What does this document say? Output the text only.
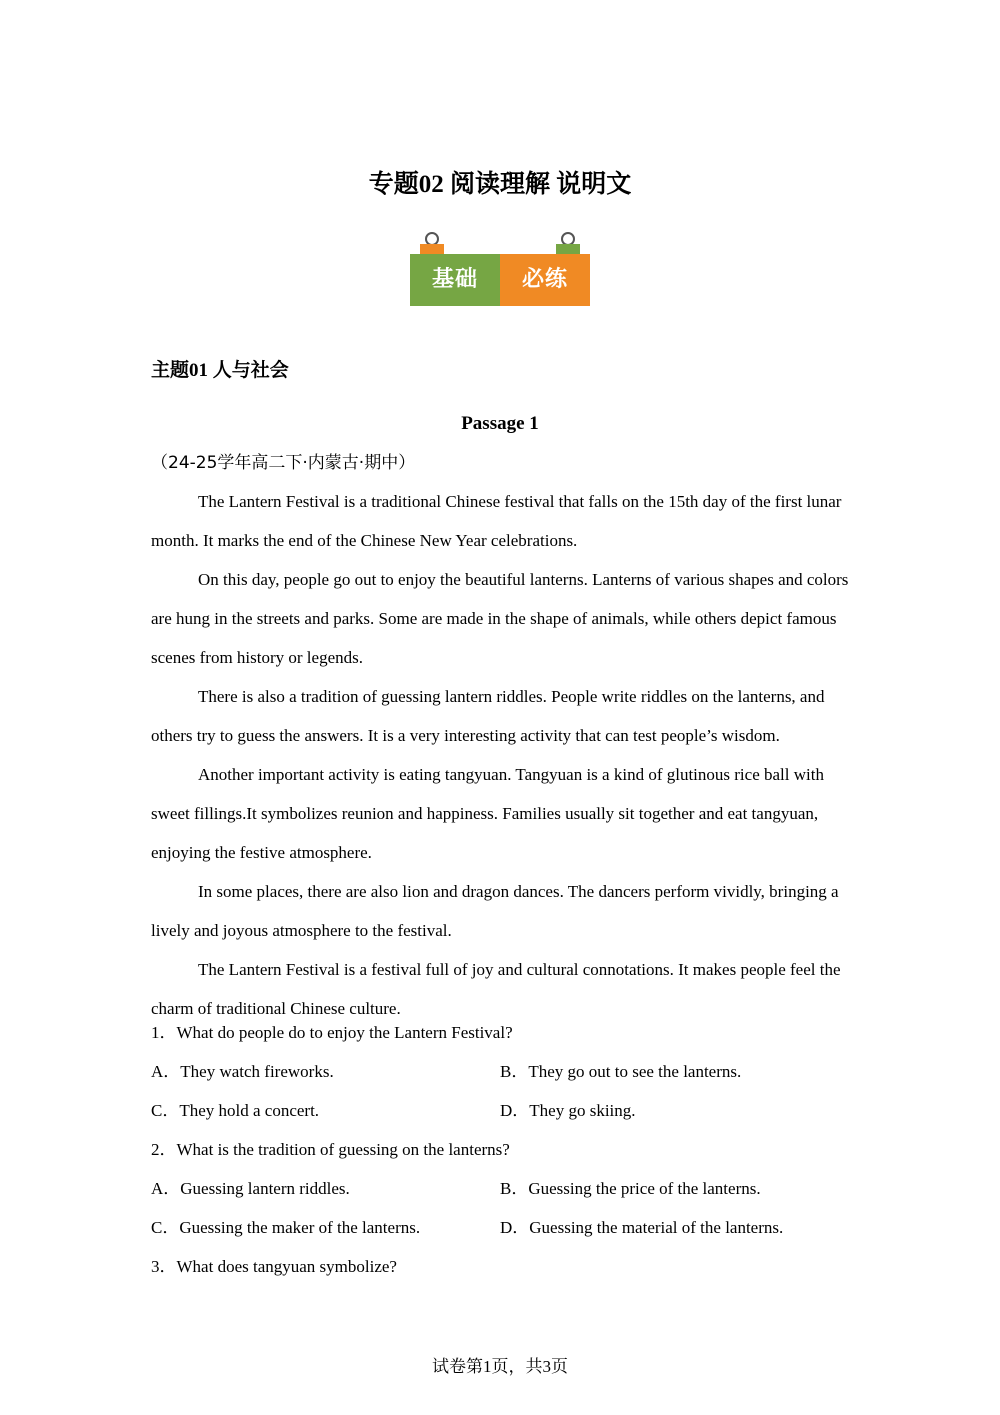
专题02 阅读理解 说明文
基础	必练
主题01 人与社会
Passage 1
（24-25学年高二下·内蒙古·期中）

The Lantern Festival is a traditional Chinese festival that falls on the 15th day of the first lunar month. It marks the end of the Chinese New Year celebrations.

On this day, people go out to enjoy the beautiful lanterns. Lanterns of various shapes and colors are hung in the streets and parks. Some are made in the shape of animals, while others depict famous scenes from history or legends.

There is also a tradition of guessing lantern riddles. People write riddles on the lanterns, and others try to guess the answers. It is a very interesting activity that can test people’s wisdom.

Another important activity is eating tangyuan. Tangyuan is a kind of glutinous rice ball with sweet fillings.It symbolizes reunion and happiness. Families usually sit together and eat tangyuan, enjoying the festive atmosphere.

In some places, there are also lion and dragon dances. The dancers perform vividly, bringing a lively and joyous atmosphere to the festival.

The Lantern Festival is a festival full of joy and cultural connotations. It makes people feel the charm of traditional Chinese culture.

1．What do people do to enjoy the Lantern Festival?
A．They watch fireworks.	B．They go out to see the lanterns.
C．They hold a concert.	D．They go skiing.
2．What is the tradition of guessing on the lanterns?
A．Guessing lantern riddles.	B．Guessing the price of the lanterns.
C．Guessing the maker of the lanterns.	D．Guessing the material of the lanterns.
3．What does tangyuan symbolize?
试卷第1页，共3页
